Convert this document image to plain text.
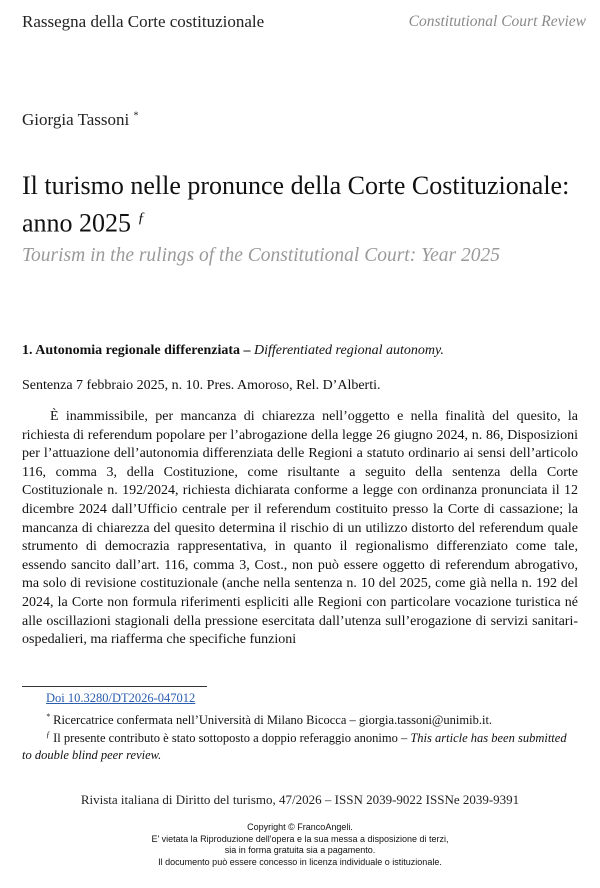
Rassegna della Corte costituzionale	Constitutional Court Review
Giorgia Tassoni *
Il turismo nelle pronunce della Corte Costituzionale: anno 2025 $^ƒ$
Tourism in the rulings of the Constitutional Court: Year 2025
1. Autonomia regionale differenziata – Differentiated regional autonomy.
Sentenza 7 febbraio 2025, n. 10. Pres. Amoroso, Rel. D’Alberti.

È inammissibile, per mancanza di chiarezza nell’oggetto e nella finalità del quesito, la richiesta di referendum popolare per l’abrogazione della legge 26 giugno 2024, n. 86, Disposizioni per l’attuazione dell’autonomia differenziata delle Regioni a statuto ordinario ai sensi dell’articolo 116, comma 3, della Costituzione, come risultante a seguito della sentenza della Corte Costituzionale n. 192/2024, richiesta dichiarata conforme a legge con ordinanza pronunciata il 12 dicembre 2024 dall’Ufficio centrale per il referendum costituito presso la Corte di cassazione; la mancanza di chiarezza del quesito determina il rischio di un utilizzo distorto del referendum quale strumento di democrazia rappresentativa, in quanto il regionalismo differenziato come tale, essendo sancito dall’art. 116, comma 3, Cost., non può essere oggetto di referendum abrogativo, ma solo di revisione costituzionale (anche nella sentenza n. 10 del 2025, come già nella n. 192 del 2024, la Corte non formula riferimenti espliciti alle Regioni con particolare vocazione turistica né alle oscillazioni stagionali della pressione esercitata dall’utenza sull’erogazione di servizi sanitari-ospedalieri, ma riafferma che specifiche funzioni

Doi 10.3280/DT2026-047012
* Ricercatrice confermata nell’Università di Milano Bicocca – giorgia.tassoni@unimib.it.
$^ƒ$ Il presente contributo è stato sottoposto a doppio referaggio anonimo – This article has been submitted to double blind peer review.
Rivista italiana di Diritto del turismo, 47/2026 – ISSN 2039-9022 ISSNe 2039-9391
Copyright © FrancoAngeli.
E' vietata la Riproduzione dell'opera e la sua messa a disposizione di terzi,
sia in forma gratuita sia a pagamento.
Il documento può essere concesso in licenza individuale o istituzionale.
